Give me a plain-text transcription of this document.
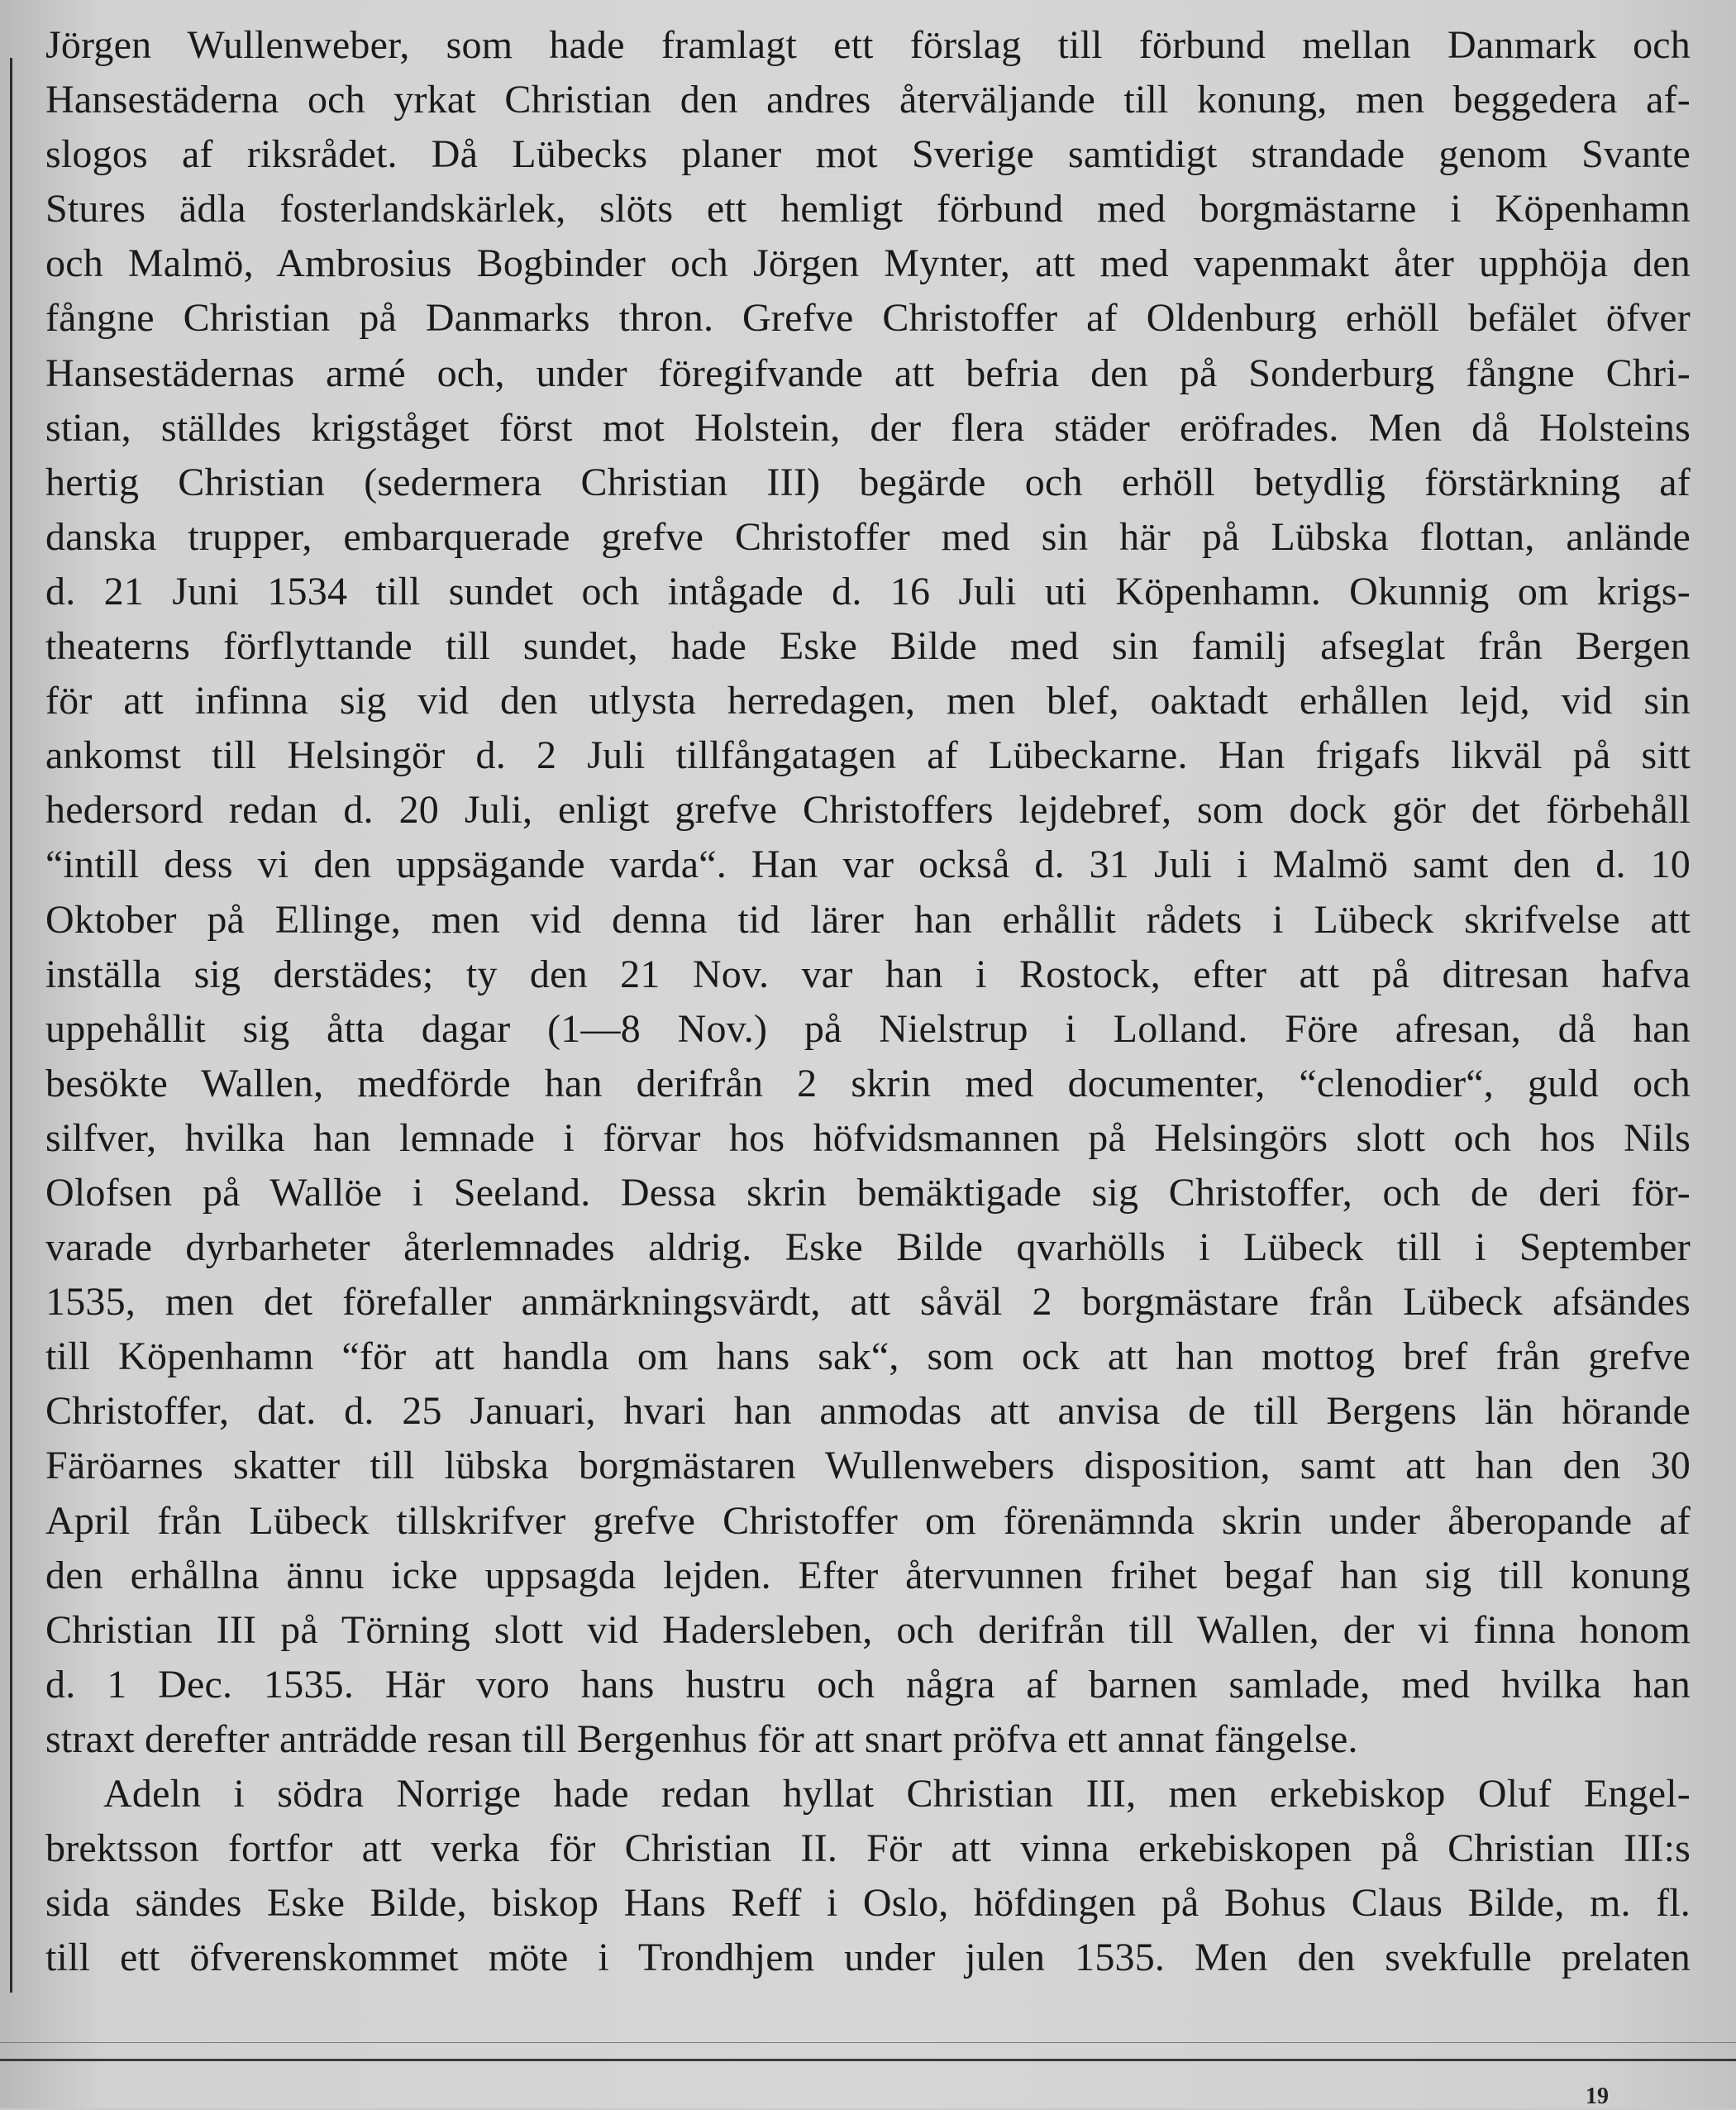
Jörgen Wullenweber, som hade framlagt ett förslag till förbund mellan Danmark och
Hansestäderna och yrkat Christian den andres återväljande till konung, men beggedera af-
slogos af riksrådet. Då Lübecks planer mot Sverige samtidigt strandade genom Svante
Stures ädla fosterlandskärlek, slöts ett hemligt förbund med borgmästarne i Köpenhamn
och Malmö, Ambrosius Bogbinder och Jörgen Mynter, att med vapenmakt åter upphöja den
fångne Christian på Danmarks thron. Grefve Christoffer af Oldenburg erhöll befälet öfver
Hansestädernas armé och, under föregifvande att befria den på Sonderburg fångne Chri-
stian, ställdes krigståget först mot Holstein, der flera städer eröfrades. Men då Holsteins
hertig Christian (sedermera Christian III) begärde och erhöll betydlig förstärkning af
danska trupper, embarquerade grefve Christoffer med sin här på Lübska flottan, anlände
d. 21 Juni 1534 till sundet och intågade d. 16 Juli uti Köpenhamn. Okunnig om krigs-
theaterns förflyttande till sundet, hade Eske Bilde med sin familj afseglat från Bergen
för att infinna sig vid den utlysta herredagen, men blef, oaktadt erhållen lejd, vid sin
ankomst till Helsingör d. 2 Juli tillfångatagen af Lübeckarne. Han frigafs likväl på sitt
hedersord redan d. 20 Juli, enligt grefve Christoffers lejdebref, som dock gör det förbehåll
“intill dess vi den uppsägande varda“. Han var också d. 31 Juli i Malmö samt den d. 10
Oktober på Ellinge, men vid denna tid lärer han erhållit rådets i Lübeck skrifvelse att
inställa sig derstädes; ty den 21 Nov. var han i Rostock, efter att på ditresan hafva
uppehållit sig åtta dagar (1—8 Nov.) på Nielstrup i Lolland. Före afresan, då han
besökte Wallen, medförde han derifrån 2 skrin med documenter, “clenodier“, guld och
silfver, hvilka han lemnade i förvar hos höfvidsmannen på Helsingörs slott och hos Nils
Olofsen på Wallöe i Seeland. Dessa skrin bemäktigade sig Christoffer, och de deri för-
varade dyrbarheter återlemnades aldrig. Eske Bilde qvarhölls i Lübeck till i September
1535, men det förefaller anmärkningsvärdt, att såväl 2 borgmästare från Lübeck afsändes
till Köpenhamn “för att handla om hans sak“, som ock att han mottog bref från grefve
Christoffer, dat. d. 25 Januari, hvari han anmodas att anvisa de till Bergens län hörande
Färöarnes skatter till lübska borgmästaren Wullenwebers disposition, samt att han den 30
April från Lübeck tillskrifver grefve Christoffer om förenämnda skrin under åberopande af
den erhållna ännu icke uppsagda lejden. Efter återvunnen frihet begaf han sig till konung
Christian III på Törning slott vid Hadersleben, och derifrån till Wallen, der vi finna honom
d. 1 Dec. 1535. Här voro hans hustru och några af barnen samlade, med hvilka han
straxt derefter anträdde resan till Bergenhus för att snart pröfva ett annat fängelse.
Adeln i södra Norrige hade redan hyllat Christian III, men erkebiskop Oluf Engel-
brektsson fortfor att verka för Christian II. För att vinna erkebiskopen på Christian III:s
sida sändes Eske Bilde, biskop Hans Reff i Oslo, höfdingen på Bohus Claus Bilde, m. fl.
till ett öfverenskommet möte i Trondhjem under julen 1535. Men den svekfulle prelaten
19
